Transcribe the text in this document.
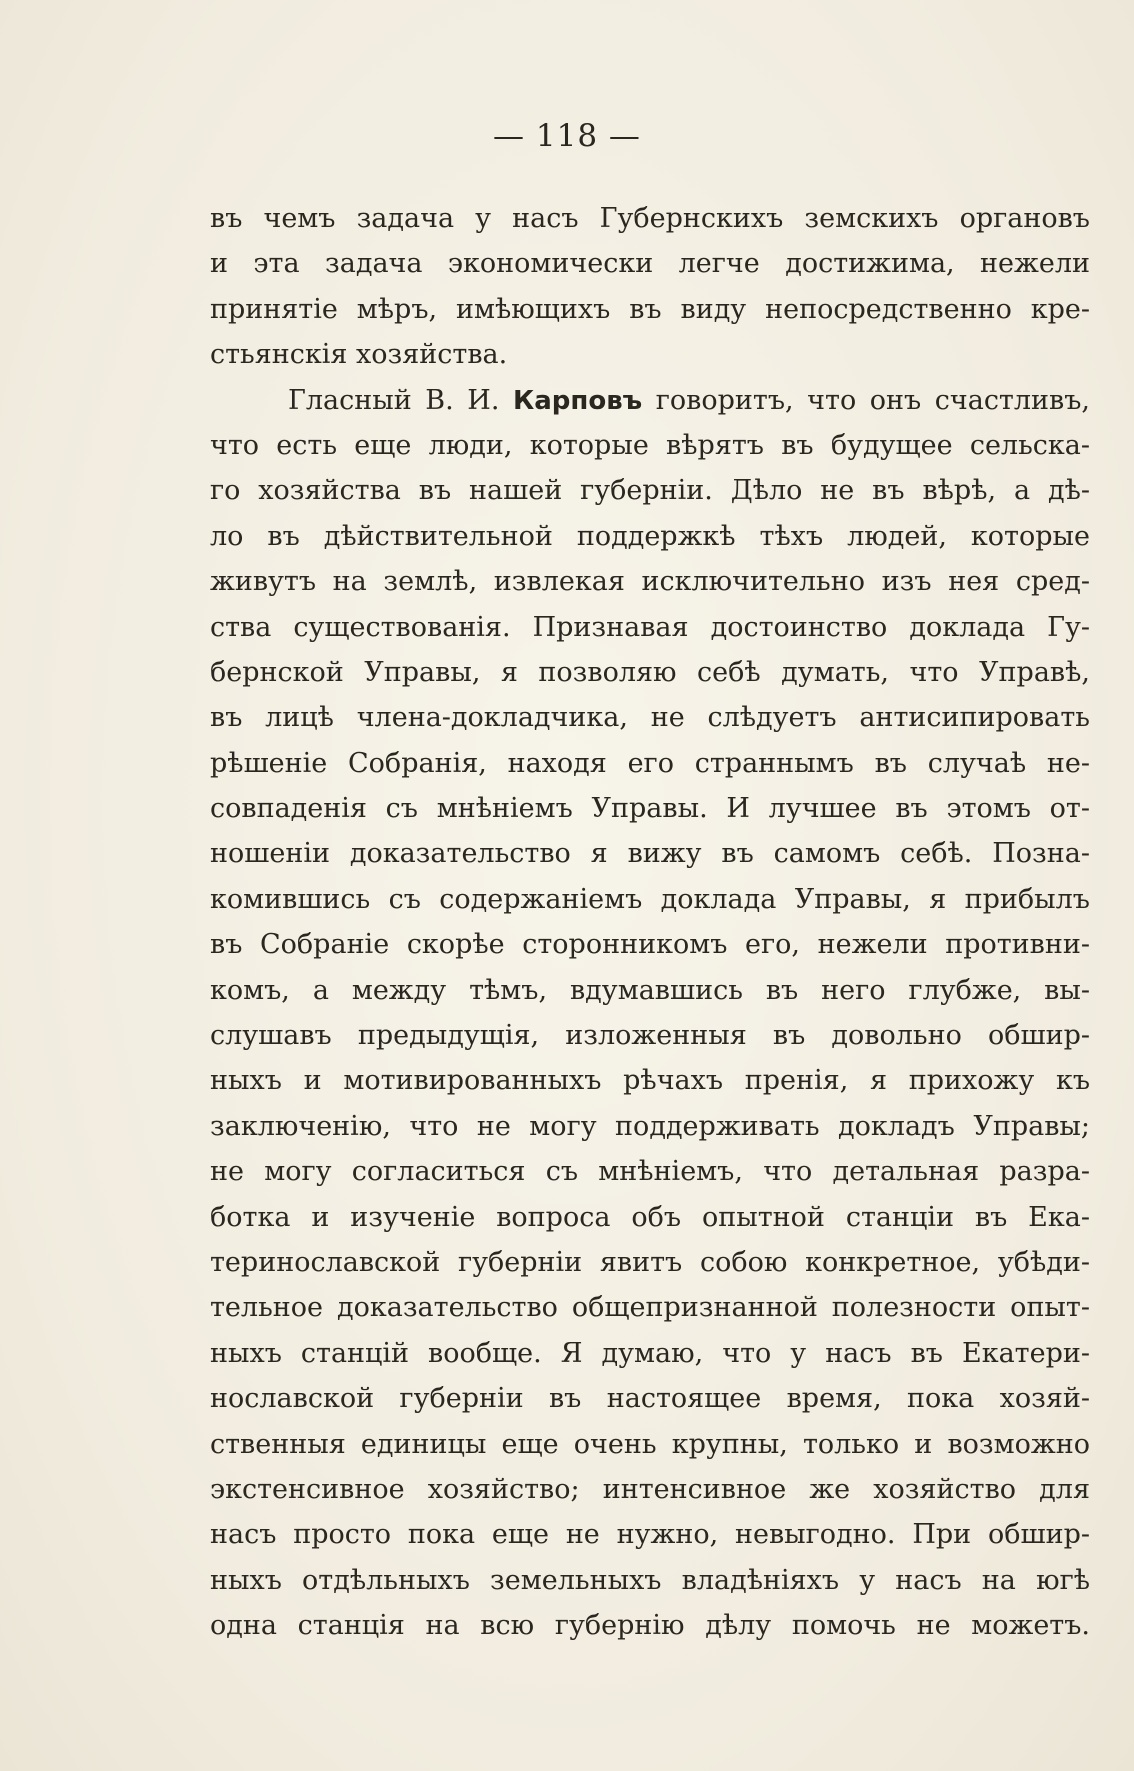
— 118 —
въ чемъ задача у насъ Губернскихъ земскихъ органовъ
и эта задача экономически легче достижима, нежели
принятіе мѣръ, имѣющихъ въ виду непосредственно кре-
стьянскія хозяйства.
Гласный В. И. Карповъ говоритъ, что онъ счастливъ,
что есть еще люди, которые вѣрятъ въ будущее сельска-
го хозяйства въ нашей губерніи. Дѣло не въ вѣрѣ, а дѣ-
ло въ дѣйствительной поддержкѣ тѣхъ людей, которые
живутъ на землѣ, извлекая исключительно изъ нея сред-
ства существованія. Признавая достоинство доклада Гу-
бернской Управы, я позволяю себѣ думать, что Управѣ,
въ лицѣ члена-докладчика, не слѣдуетъ антисипировать
рѣшеніе Собранія, находя его страннымъ въ случаѣ не-
совпаденія съ мнѣніемъ Управы. И лучшее въ этомъ от-
ношеніи доказательство я вижу въ самомъ себѣ. Позна-
комившись съ содержаніемъ доклада Управы, я прибылъ
въ Собраніе скорѣе сторонникомъ его, нежели противни-
комъ, а между тѣмъ, вдумавшись въ него глубже, вы-
слушавъ предыдущія, изложенныя въ довольно обшир-
ныхъ и мотивированныхъ рѣчахъ пренія, я прихожу къ
заключенію, что не могу поддерживать докладъ Управы;
не могу согласиться съ мнѣніемъ, что детальная разра-
ботка и изученіе вопроса объ опытной станціи въ Ека-
теринославской губерніи явитъ собою конкретное, убѣди-
тельное доказательство общепризнанной полезности опыт-
ныхъ станцій вообще. Я думаю, что у насъ въ Екатери-
нославской губерніи въ настоящее время, пока хозяй-
ственныя единицы еще очень крупны, только и возможно
экстенсивное хозяйство; интенсивное же хозяйство для
насъ просто пока еще не нужно, невыгодно. При обшир-
ныхъ отдѣльныхъ земельныхъ владѣніяхъ у насъ на югѣ
одна станція на всю губернію дѣлу помочь не можетъ.
